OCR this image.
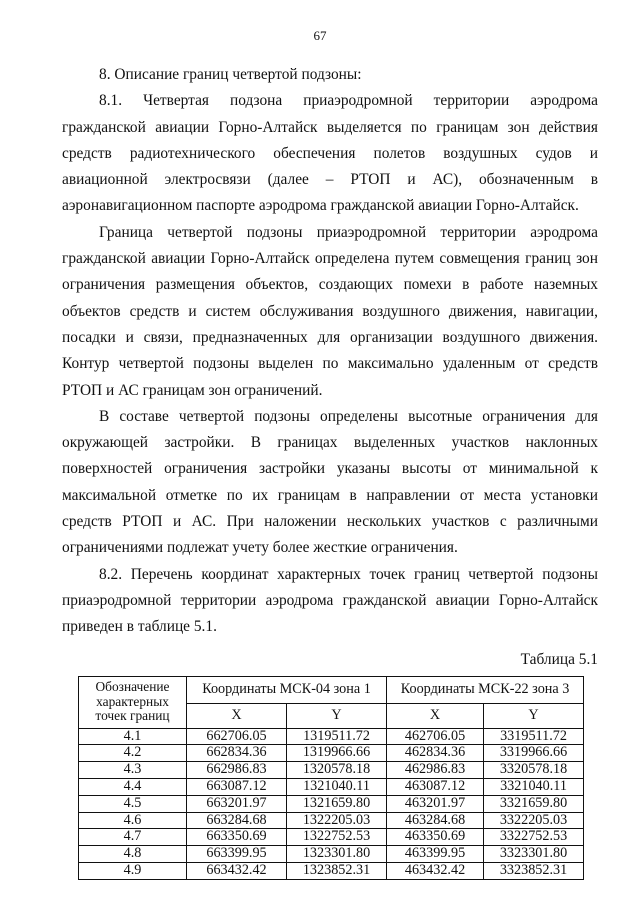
67

8. Описание границ четвертой подзоны:

8.1. Четвертая подзона приаэродромной территории аэродрома гражданской авиации Горно-Алтайск выделяется по границам зон действия средств радиотехнического обеспечения полетов воздушных судов и авиационной электросвязи (далее – РТОП и АС), обозначенным в аэронавигационном паспорте аэродрома гражданской авиации Горно-Алтайск.

Граница четвертой подзоны приаэродромной территории аэродрома гражданской авиации Горно-Алтайск определена путем совмещения границ зон ограничения размещения объектов, создающих помехи в работе наземных объектов средств и систем обслуживания воздушного движения, навигации, посадки и связи, предназначенных для организации воздушного движения. Контур четвертой подзоны выделен по максимально удаленным от средств РТОП и АС границам зон ограничений.

В составе четвертой подзоны определены высотные ограничения для окружающей застройки. В границах выделенных участков наклонных поверхностей ограничения застройки указаны высоты от минимальной к максимальной отметке по их границам в направлении от места установки средств РТОП и АС. При наложении нескольких участков с различными ограничениями подлежат учету более жесткие ограничения.

8.2. Перечень координат характерных точек границ четвертой подзоны приаэродромной территории аэродрома гражданской авиации Горно-Алтайск приведен в таблице 5.1.

Таблица 5.1
Обозначение характерных точек границ	Координаты МСК-04 зона 1		Координаты МСК-22 зона 3	
	X	Y	X	Y
4.1	662706.05	1319511.72	462706.05	3319511.72
4.2	662834.36	1319966.66	462834.36	3319966.66
4.3	662986.83	1320578.18	462986.83	3320578.18
4.4	663087.12	1321040.11	463087.12	3321040.11
4.5	663201.97	1321659.80	463201.97	3321659.80
4.6	663284.68	1322205.03	463284.68	3322205.03
4.7	663350.69	1322752.53	463350.69	3322752.53
4.8	663399.95	1323301.80	463399.95	3323301.80
4.9	663432.42	1323852.31	463432.42	3323852.31
